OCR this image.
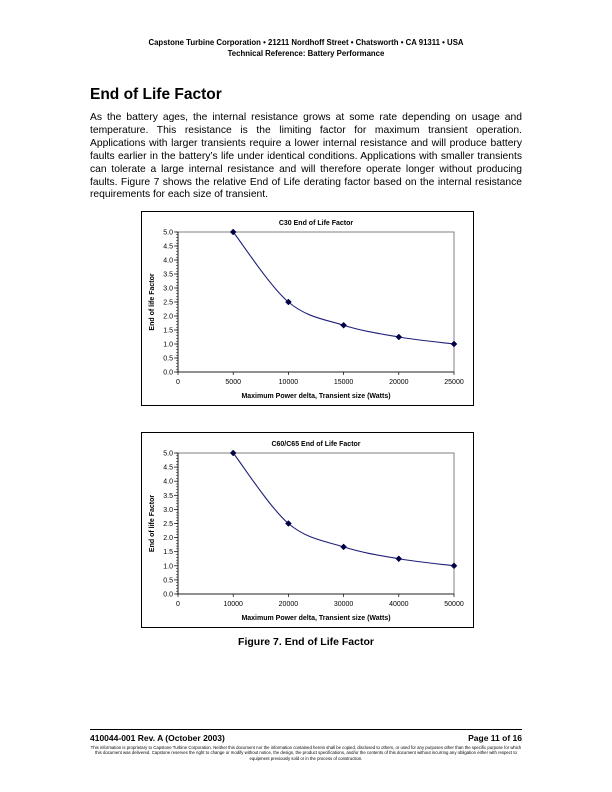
Capstone Turbine Corporation • 21211 Nordhoff Street • Chatsworth • CA 91311 • USA
Technical Reference: Battery Performance
End of Life Factor

As the battery ages, the internal resistance grows at some rate depending on usage and temperature. This resistance is the limiting factor for maximum transient operation. Applications with larger transients require a lower internal resistance and will produce battery faults earlier in the battery’s life under identical conditions. Applications with smaller transients can tolerate a large internal resistance and will therefore operate longer without producing faults. Figure 7 shows the relative End of Life derating factor based on the internal resistance requirements for each size of transient.

0.0
0.5
1.0
1.5
2.0
2.5
3.0
3.5
4.0
4.5
5.0
0	5000	10000	15000	20000	25000
C30 End of Life Factor
Maximum Power delta, Transient size (Watts)
End of life Factor
0.0
0.5
1.0
1.5
2.0
2.5
3.0
3.5
4.0
4.5
5.0
0	10000	20000	30000	40000	50000
C60/C65 End of Life Factor
Maximum Power delta, Transient size (Watts)
End of life Factor
Figure 7. End of Life Factor
410044-001 Rev. A (October 2003)	Page 11 of 16
This information is proprietary to Capstone Turbine Corporation. Neither this document nor the information contained herein shall be copied, disclosed to others, or used for any purposes other than the specific purpose for which this document was delivered. Capstone reserves the right to change or modify without notice, the design, the product specifications, and/or the contents of this document without incurring any obligation either with respect to equipment previously sold or in the process of construction.
